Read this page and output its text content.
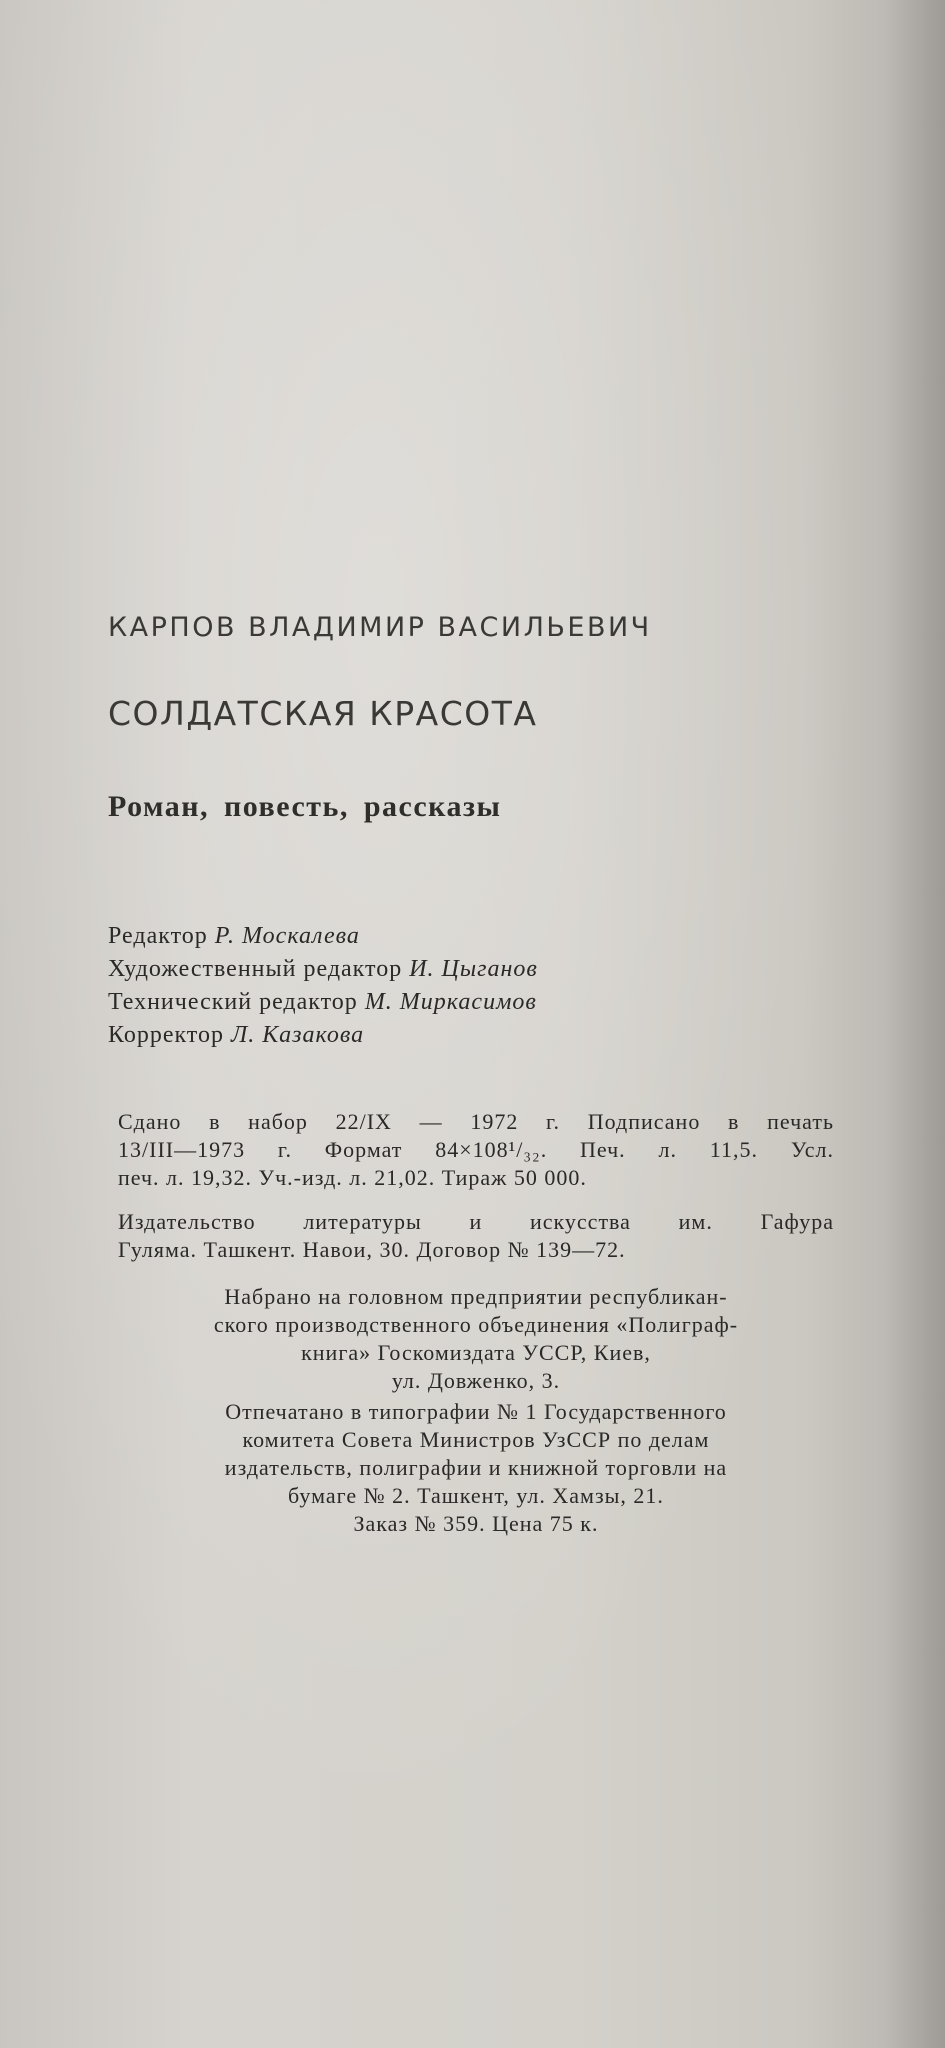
КАРПОВ ВЛАДИМИР ВАСИЛЬЕВИЧ
СОЛДАТСКАЯ КРАСОТА
Роман, повесть, рассказы
Редактор Р. Москалева
Художественный редактор И. Цыганов
Технический редактор М. Миркасимов
Корректор Л. Казакова

Сдано в набор 22/IX — 1972 г. Подписано в печать

13/III—1973 г. Формат 84×108¹/₃₂. Печ. л. 11,5. Усл.

печ. л. 19,32. Уч.-изд. л. 21,02. Тираж 50 000.

Издательство литературы и искусства им. Гафура

Гуляма. Ташкент. Навои, 30. Договор № 139—72.

Набрано на головном предприятии республикан-

ского производственного объединения «Полиграф-

книга» Госкомиздата УССР, Киев,

ул. Довженко, 3.

Отпечатано в типографии № 1 Государственного

комитета Совета Министров УзССР по делам

издательств, полиграфии и книжной торговли на

бумаге № 2. Ташкент, ул. Хамзы, 21.

Заказ № 359. Цена 75 к.
